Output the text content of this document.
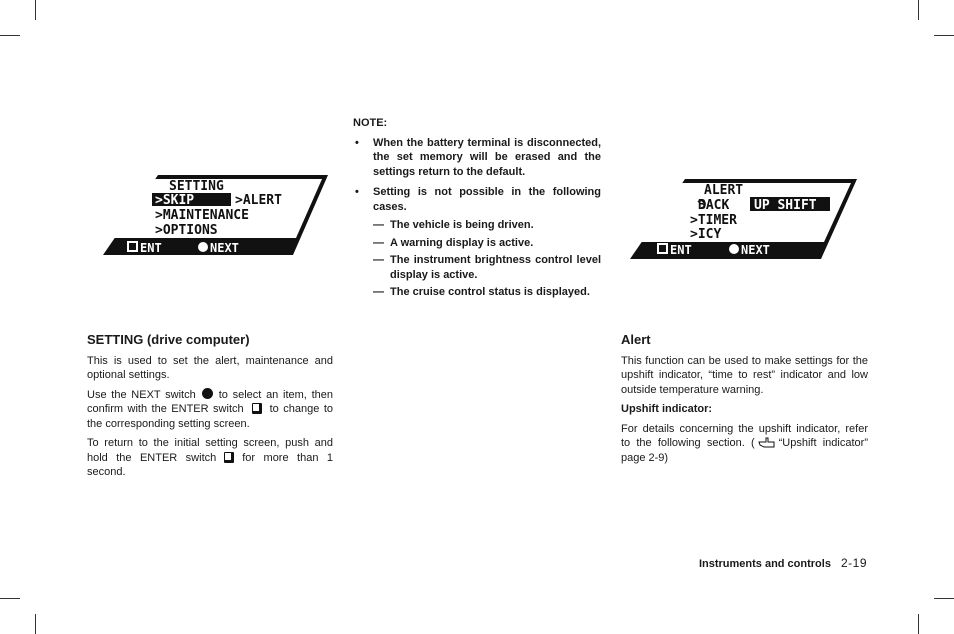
SETTING
>SKIP	>ALERT
>MAINTENANCE
>OPTIONS
ENT	NEXT
ALERT
BACK UP SHIFT
>TIMER
>ICY
ENT	NEXT
NOTE:
• When the battery terminal is disconnected, the set memory will be erased and the settings return to the default.
• Setting is not possible in the following cases.
— The vehicle is being driven.
— A warning display is active.
— The instrument brightness control level display is active.
— The cruise control status is displayed.
SETTING (drive computer)

This is used to set the alert, maintenance and optional settings.

Use the NEXT switch to select an item, then confirm with the ENTER switch to change to the corresponding setting screen.

To return to the initial setting screen, push and hold the ENTER switch for more than 1 second.

Alert

This function can be used to make settings for the upshift indicator, “time to rest” indicator and low outside temperature warning.

Upshift indicator:

For details concerning the upshift indicator, refer to the following section. ( “Upshift indicator” page 2-9)

Instruments and controls 2-19
